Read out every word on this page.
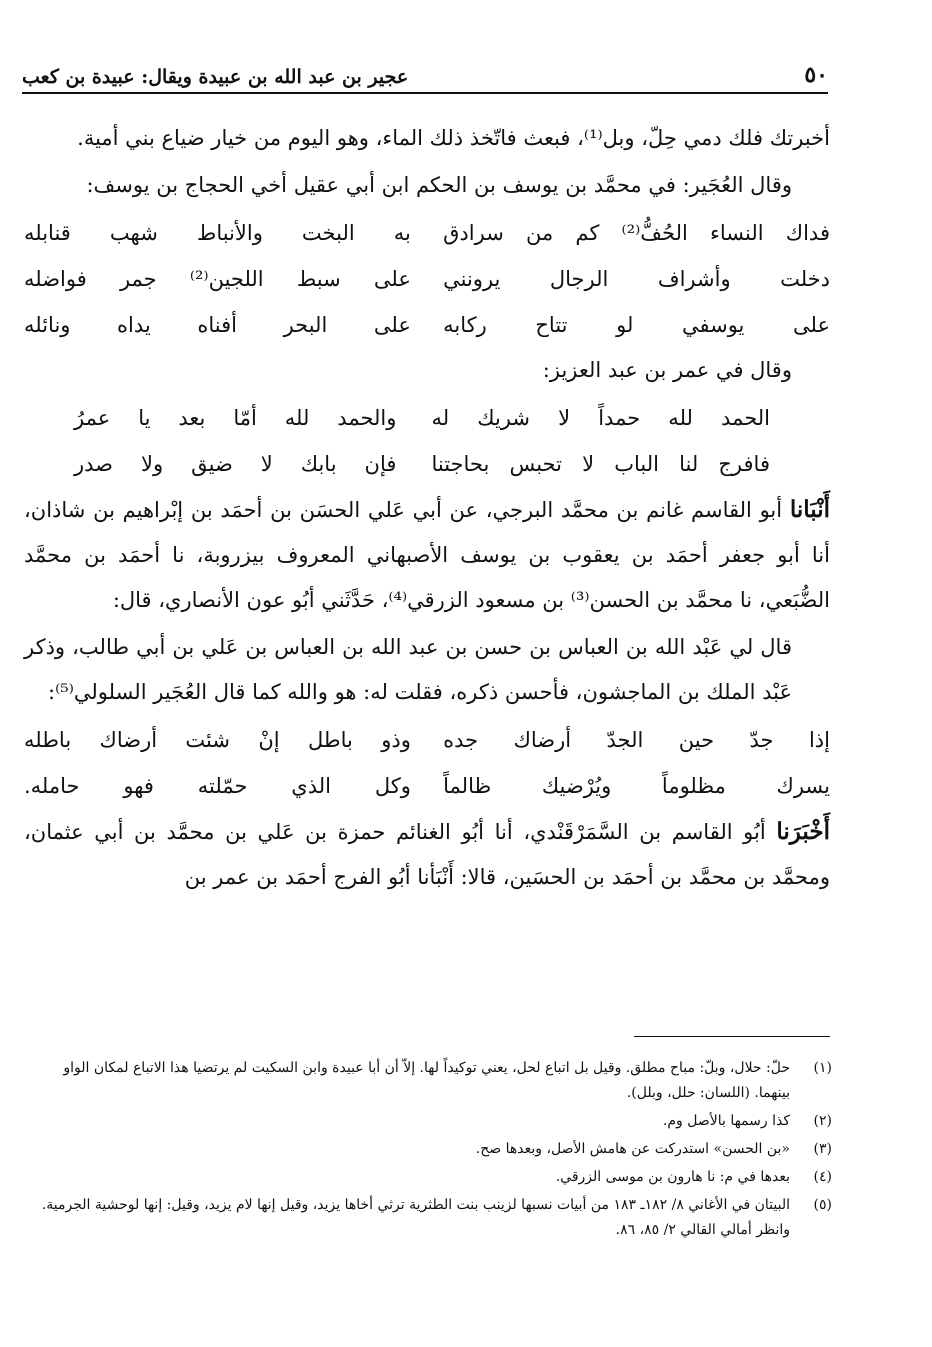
٥٠
عجير بن عبد الله بن عبيدة ويقال: عبيدة بن كعب

أخبرتك فلك دمي حِلّ، وبل⁽¹⁾، فبعث فاتّخذ ذلك الماء، وهو اليوم من خيار ضياع بني أمية.

وقال العُجَير: في محمَّد بن يوسف بن الحكم ابن أبي عقيل أخي الحجاج بن يوسف:

فداك النساء الحُفُّ⁽²⁾ كم من سرادق
به البخت والأنباط شهب قنابله
دخلت وأشراف الرجال يرونني
على سبط اللجين⁽²⁾ جمر فواضله
على يوسفي لو تتاح ركابه
على البحر أفناه يداه ونائله

وقال في عمر بن عبد العزيز:

الحمد لله حمداً لا شريك له
والحمد لله أمّا بعد يا عمرُ
فافرج لنا الباب لا تحبس بحاجتنا
فإن بابك لا ضيق ولا صدر

أَنْبَانا أبو القاسم غانم بن محمَّد البرجي، عن أبي عَلي الحسَن بن أحمَد بن إبْراهيم بن شاذان، أنا أبو جعفر أحمَد بن يعقوب بن يوسف الأصبهاني المعروف بيزروبة، نا أحمَد بن محمَّد الضُّبَعي، نا محمَّد بن الحسن⁽³⁾ بن مسعود الزرقي⁽⁴⁾، حَدَّثَني أبُو عون الأنصاري، قال:

قال لي عَبْد الله بن العباس بن حسن بن عبد الله بن العباس بن عَلي بن أبي طالب، وذكر عَبْد الملك بن الماجشون، فأحسن ذكره، فقلت له: هو والله كما قال العُجَير السلولي⁽⁵⁾:

إذا جدّ حين الجدّ أرضاك جده
وذو باطل إنْ شئت أرضاك باطله
يسرك مظلوماً ويُرْضيك ظالماً
وكل الذي حمّلته فهو حامله.

أَخْبَرَنا أبُو القاسم بن السَّمَرْقَنْدي، أنا أبُو الغنائم حمزة بن عَلي بن محمَّد بن أبي عثمان، ومحمَّد بن محمَّد بن أحمَد بن الحسَين، قالا: أَنْبَأنا أبُو الفرج أحمَد بن عمر بن

(١)
حلّ: حلال، وبلّ: مباح مطلق. وقيل بل اتباع لحل، يعني توكيداً لها. إلاّ أن أبا عبيدة وابن السكيت لم يرتضيا هذا الاتباع لمكان الواو بينهما. (اللسان: حلل، وبلل).
(٢)
كذا رسمها بالأصل وم.
(٣)
«بن الحسن» استدركت عن هامش الأصل، وبعدها صح.
(٤)
بعدها في م: نا هارون بن موسى الزرقي.
(٥)
البيتان في الأغاني ٨/ ١٨٢ـ ١٨٣ من أبيات نسبها لزينب بنت الطثرية ترثي أخاها يزيد، وقيل إنها لام يزيد، وقيل: إنها لوحشية الجرمية. وانظر أمالي القالي ٢/ ٨٥، ٨٦.
